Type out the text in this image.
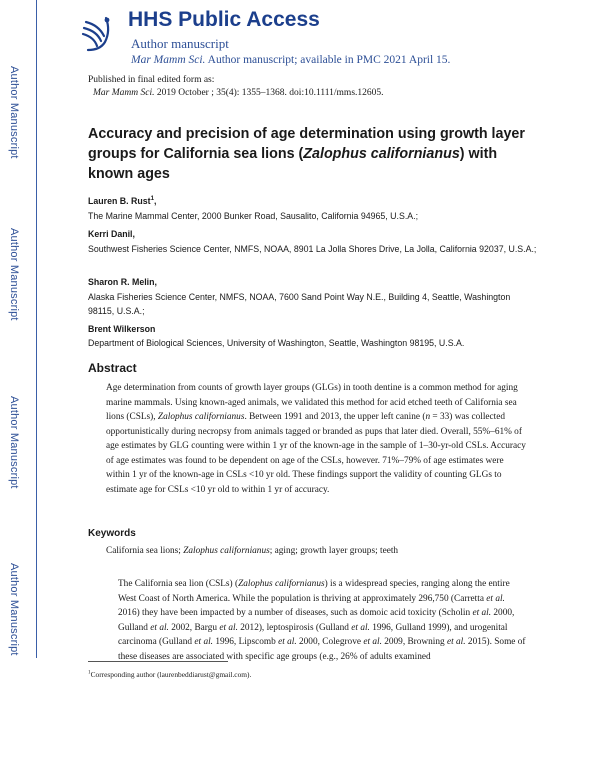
Author Manuscript
Author Manuscript
Author Manuscript
Author Manuscript
HHS Public Access
Author manuscript
Mar Mamm Sci. Author manuscript; available in PMC 2021 April 15.
Published in final edited form as:
Mar Mamm Sci. 2019 October ; 35(4): 1355–1368. doi:10.1111/mms.12605.
Accuracy and precision of age determination using growth layer groups for California sea lions (Zalophus californianus) with known ages
Lauren B. Rust$^1$,
The Marine Mammal Center, 2000 Bunker Road, Sausalito, California 94965, U.S.A.;
Kerri Danil,
Southwest Fisheries Science Center, NMFS, NOAA, 8901 La Jolla Shores Drive, La Jolla, California 92037, U.S.A.;
Sharon R. Melin,
Alaska Fisheries Science Center, NMFS, NOAA, 7600 Sand Point Way N.E., Building 4, Seattle, Washington 98115, U.S.A.;
Brent Wilkerson
Department of Biological Sciences, University of Washington, Seattle, Washington 98195, U.S.A.
Abstract
Age determination from counts of growth layer groups (GLGs) in tooth dentine is a common method for aging marine mammals. Using known-aged animals, we validated this method for acid etched teeth of California sea lions (CSLs), Zalophus californianus. Between 1991 and 2013, the upper left canine (n = 33) was collected opportunistically during necropsy from animals tagged or branded as pups that later died. Overall, 55%–61% of age estimates by GLG counting were within 1 yr of the known-age in the sample of 1–30-yr-old CSLs. Accuracy of age estimates was found to be dependent on age of the CSLs, however. 71%–79% of age estimates were within 1 yr of the known-age in CSLs <10 yr old. These findings support the validity of counting GLGs to estimate age for CSLs <10 yr old to within 1 yr of accuracy.
Keywords
California sea lions; Zalophus californianus; aging; growth layer groups; teeth
The California sea lion (CSLs) (Zalophus californianus) is a widespread species, ranging along the entire West Coast of North America. While the population is thriving at approximately 296,750 (Carretta et al. 2016) they have been impacted by a number of diseases, such as domoic acid toxicity (Scholin et al. 2000, Gulland et al. 2002, Bargu et al. 2012), leptospirosis (Gulland et al. 1996, Gulland 1999), and urogenital carcinoma (Gulland et al. 1996, Lipscomb et al. 2000, Colegrove et al. 2009, Browning et al. 2015). Some of these diseases are associated with specific age groups (e.g., 26% of adults examined
$^1$Corresponding author (laurenbeddiarust@gmail.com).
